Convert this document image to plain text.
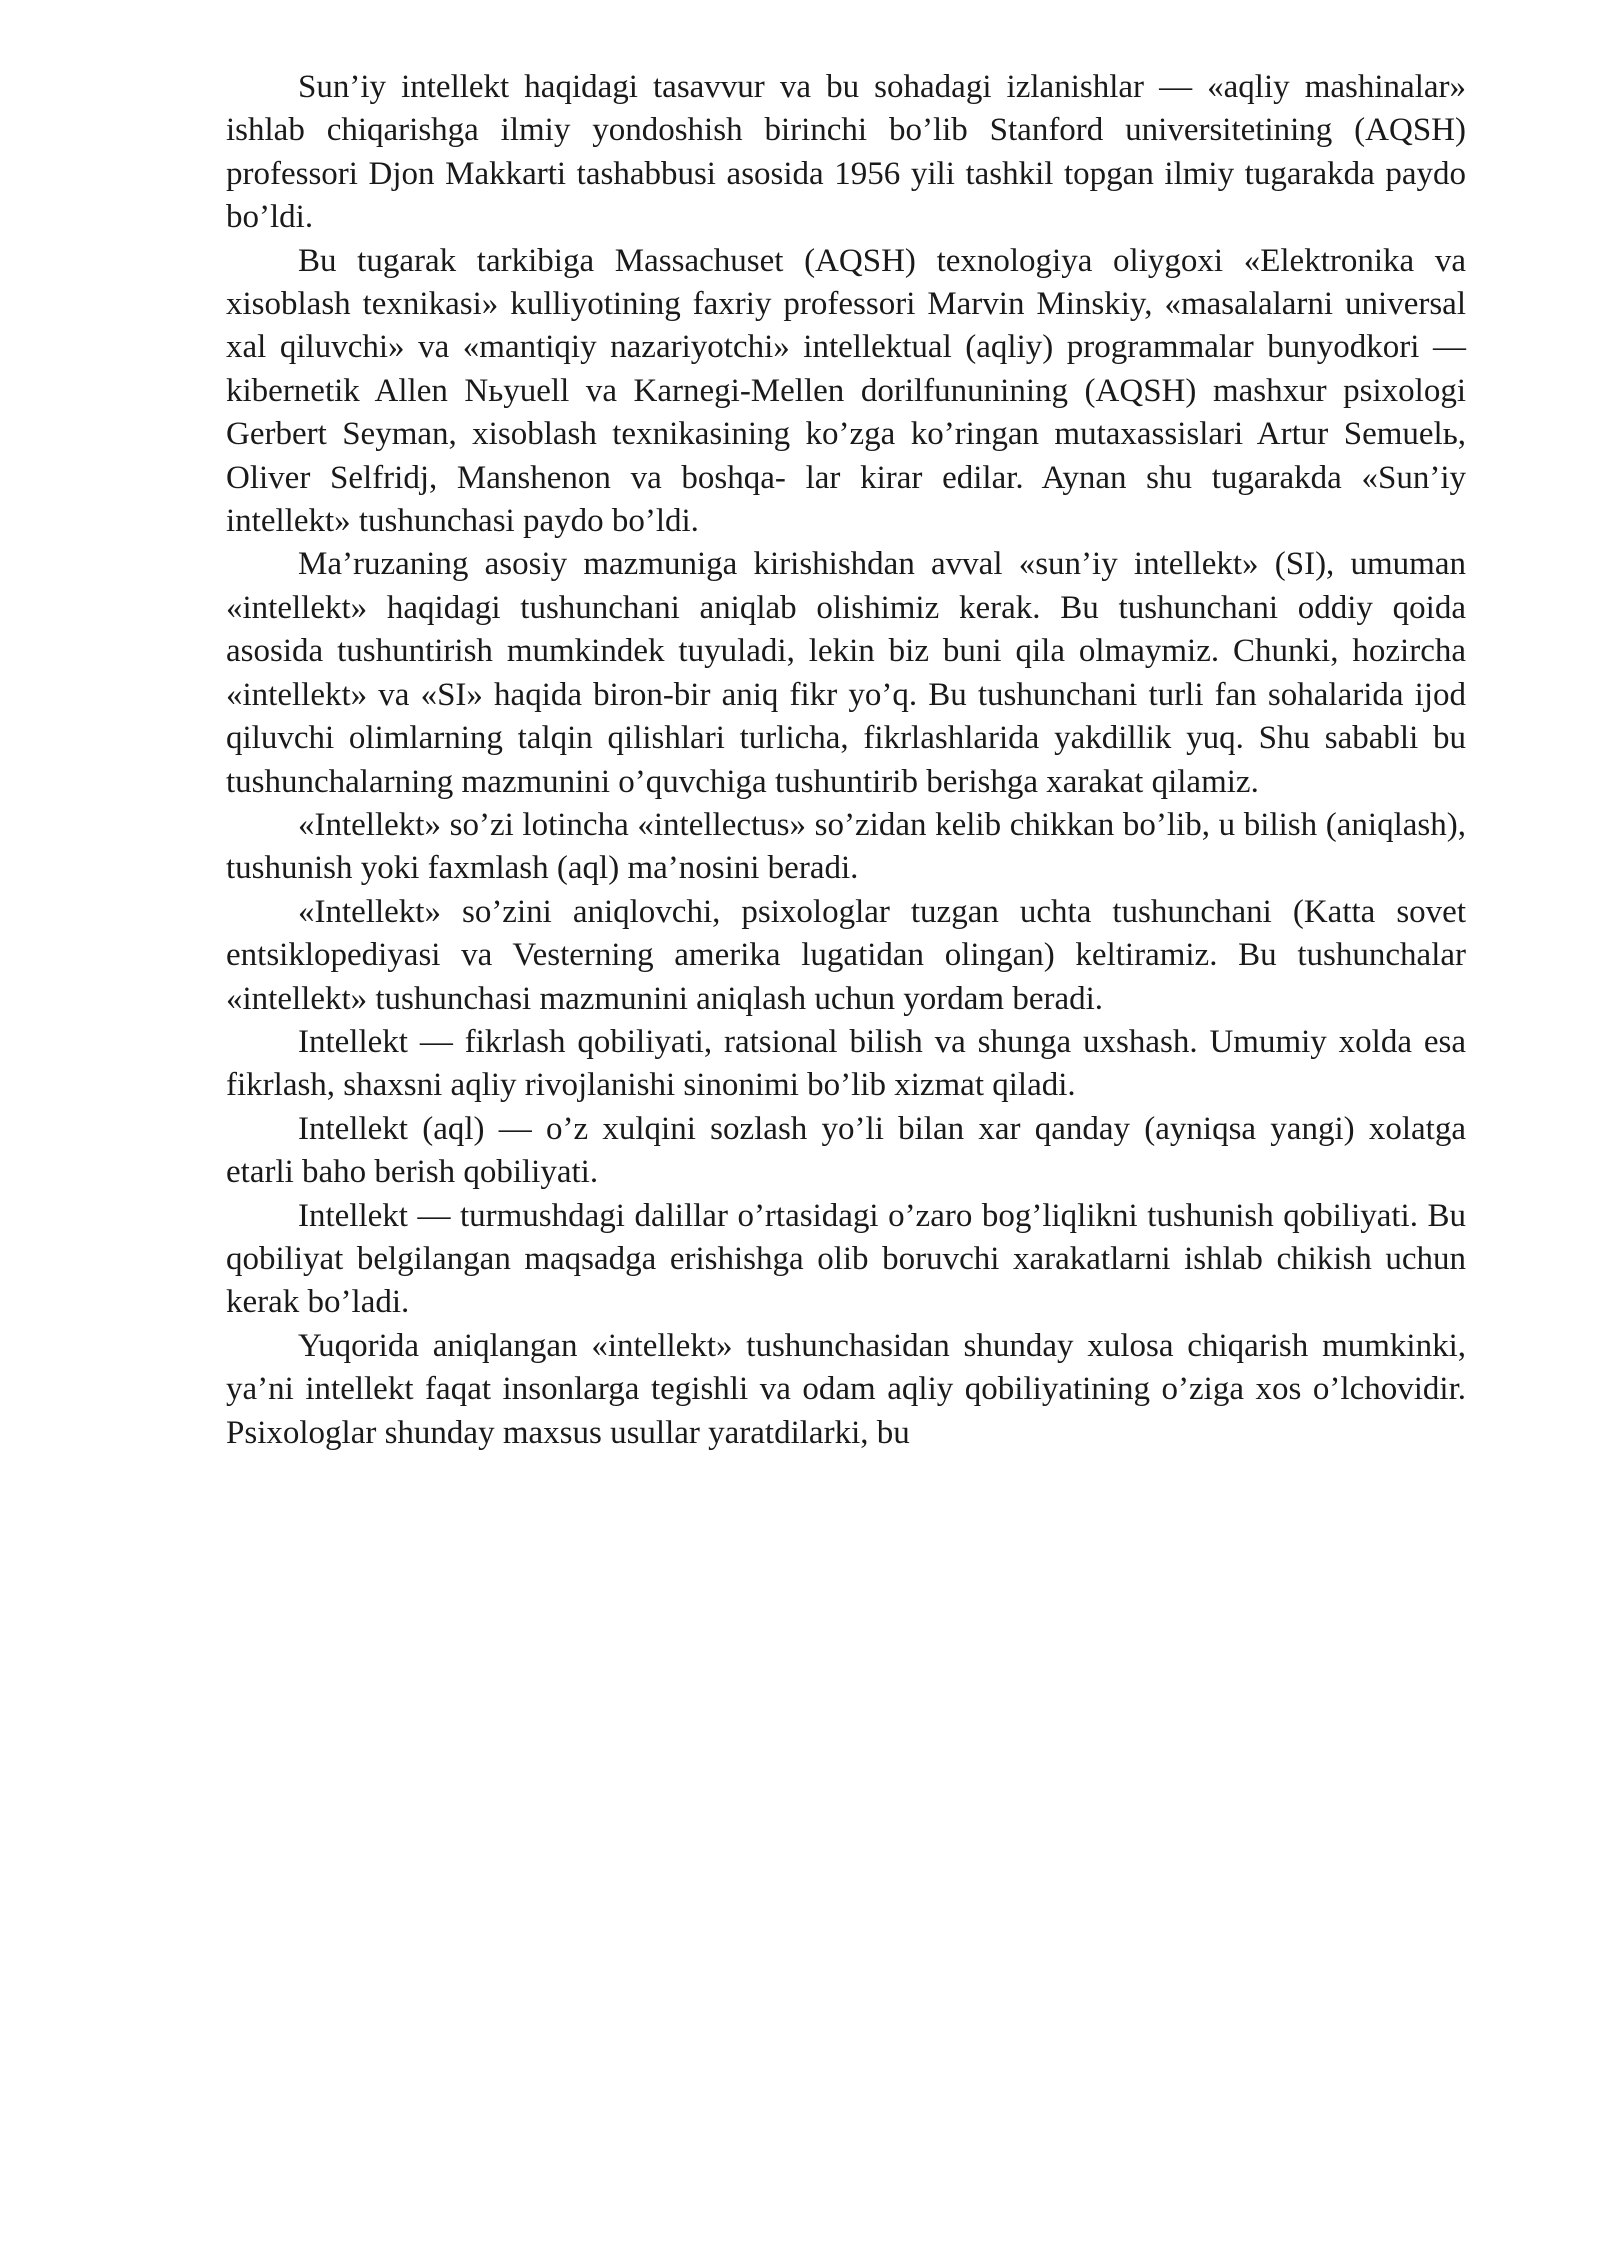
Sun’iy intellekt haqidagi tasavvur va bu sohadagi izlanishlar — «aqliy mashinalar» ishlab chiqarishga ilmiy yondoshish birinchi bo’lib Stanford universitetining (AQSH) professori Djon Makkarti tashabbusi asosida 1956 yili tashkil topgan ilmiy tugarakda paydo bo’ldi.

Bu tugarak tarkibiga Massachuset (AQSH) texnologiya oliygoxi «Elektronika va xisoblash texnikasi» kulliyotining faxriy professori Marvin Minskiy, «masalalarni universal xal qiluvchi» va «mantiqiy nazariyotchi» intellektual (aqliy) programmalar bunyodkori — kibernetik Allen Nьyuell va Karnegi-Mellen dorilfununining (AQSH) mashxur psixologi Gerbert Seyman, xisoblash texnikasining ko’zga ko’ringan mutaxassislari Artur Semuelь, Oliver Selfridj, Manshenon va boshqa- lar kirar edilar. Aynan shu tugarakda «Sun’iy intellekt» tushunchasi paydo bo’ldi.

Ma’ruzaning asosiy mazmuniga kirishishdan avval «sun’iy intellekt» (SI), umuman «intellekt» haqidagi tushunchani aniqlab olishimiz kerak. Bu tushunchani oddiy qoida asosida tushuntirish mumkindek tuyuladi, lekin biz buni qila olmaymiz. Chunki, hozircha «intellekt» va «SI» haqida biron-bir aniq fikr yo’q. Bu tushunchani turli fan sohalarida ijod qiluvchi olimlarning talqin qilishlari turlicha, fikrlashlarida yakdillik yuq. Shu sababli bu tushunchalarning mazmunini o’quvchiga tushuntirib berishga xarakat qilamiz.

«Intellekt» so’zi lotincha «intellectus» so’zidan kelib chikkan bo’lib, u bilish (aniqlash), tushunish yoki faxmlash (aql) ma’nosini beradi.

«Intellekt» so’zini aniqlovchi, psixologlar tuzgan uchta tushunchani (Katta sovet entsiklopediyasi va Vesterning amerika lugatidan olingan) keltiramiz. Bu tushunchalar «intellekt» tushunchasi mazmunini aniqlash uchun yordam beradi.

Intellekt — fikrlash qobiliyati, ratsional bilish va shunga uxshash. Umumiy xolda esa fikrlash, shaxsni aqliy rivojlanishi sinonimi bo’lib xizmat qiladi.

Intellekt (aql) — o’z xulqini sozlash yo’li bilan xar qanday (ayniqsa yangi) xolatga etarli baho berish qobiliyati.

Intellekt — turmushdagi dalillar o’rtasidagi o’zaro bog’liqlikni tushunish qobiliyati. Bu qobiliyat belgilangan maqsadga erishishga olib boruvchi xarakatlarni ishlab chikish uchun kerak bo’ladi.

Yuqorida aniqlangan «intellekt» tushunchasidan shunday xulosa chiqarish mumkinki, ya’ni intellekt faqat insonlarga tegishli va odam aqliy qobiliyatining o’ziga xos o’lchovidir. Psixologlar shunday maxsus usullar yaratdilarki, bu
